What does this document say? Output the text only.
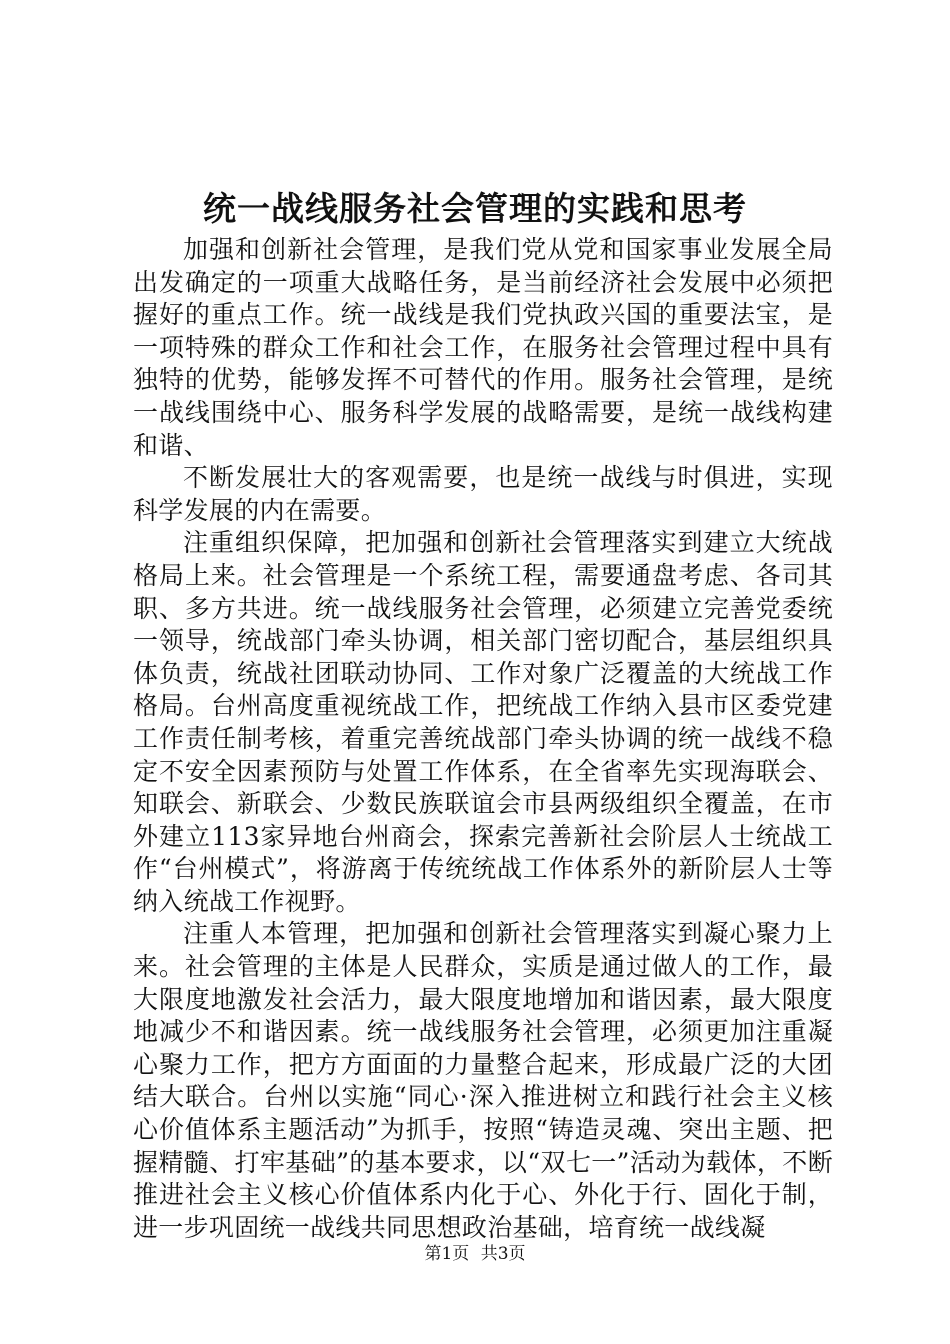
统一战线服务社会管理的实践和思考

加强和创新社会管理，是我们党从党和国家事业发展全局出发确定的一项重大战略任务，是当前经济社会发展中必须把握好的重点工作。统一战线是我们党执政兴国的重要法宝，是一项特殊的群众工作和社会工作，在服务社会管理过程中具有独特的优势，能够发挥不可替代的作用。服务社会管理，是统一战线围绕中心、服务科学发展的战略需要，是统一战线构建和谐、

不断发展壮大的客观需要，也是统一战线与时俱进，实现科学发展的内在需要。

注重组织保障，把加强和创新社会管理落实到建立大统战格局上来。社会管理是一个系统工程，需要通盘考虑、各司其职、多方共进。统一战线服务社会管理，必须建立完善党委统一领导，统战部门牵头协调，相关部门密切配合，基层组织具体负责，统战社团联动协同、工作对象广泛覆盖的大统战工作格局。台州高度重视统战工作，把统战工作纳入县市区委党建工作责任制考核，着重完善统战部门牵头协调的统一战线不稳定不安全因素预防与处置工作体系，在全省率先实现海联会、知联会、新联会、少数民族联谊会市县两级组织全覆盖，在市外建立113家异地台州商会，探索完善新社会阶层人士统战工作“台州模式”，将游离于传统统战工作体系外的新阶层人士等纳入统战工作视野。

注重人本管理，把加强和创新社会管理落实到凝心聚力上来。社会管理的主体是人民群众，实质是通过做人的工作，最大限度地激发社会活力，最大限度地增加和谐因素，最大限度地减少不和谐因素。统一战线服务社会管理，必须更加注重凝心聚力工作，把方方面面的力量整合起来，形成最广泛的大团结大联合。台州以实施“同心·深入推进树立和践行社会主义核心价值体系主题活动”为抓手，按照“铸造灵魂、突出主题、把握精髓、打牢基础”的基本要求，以“双七一”活动为载体，不断推进社会主义核心价值体系内化于心、外化于行、固化于制，进一步巩固统一战线共同思想政治基础，培育统一战线凝

第1页 共3页
